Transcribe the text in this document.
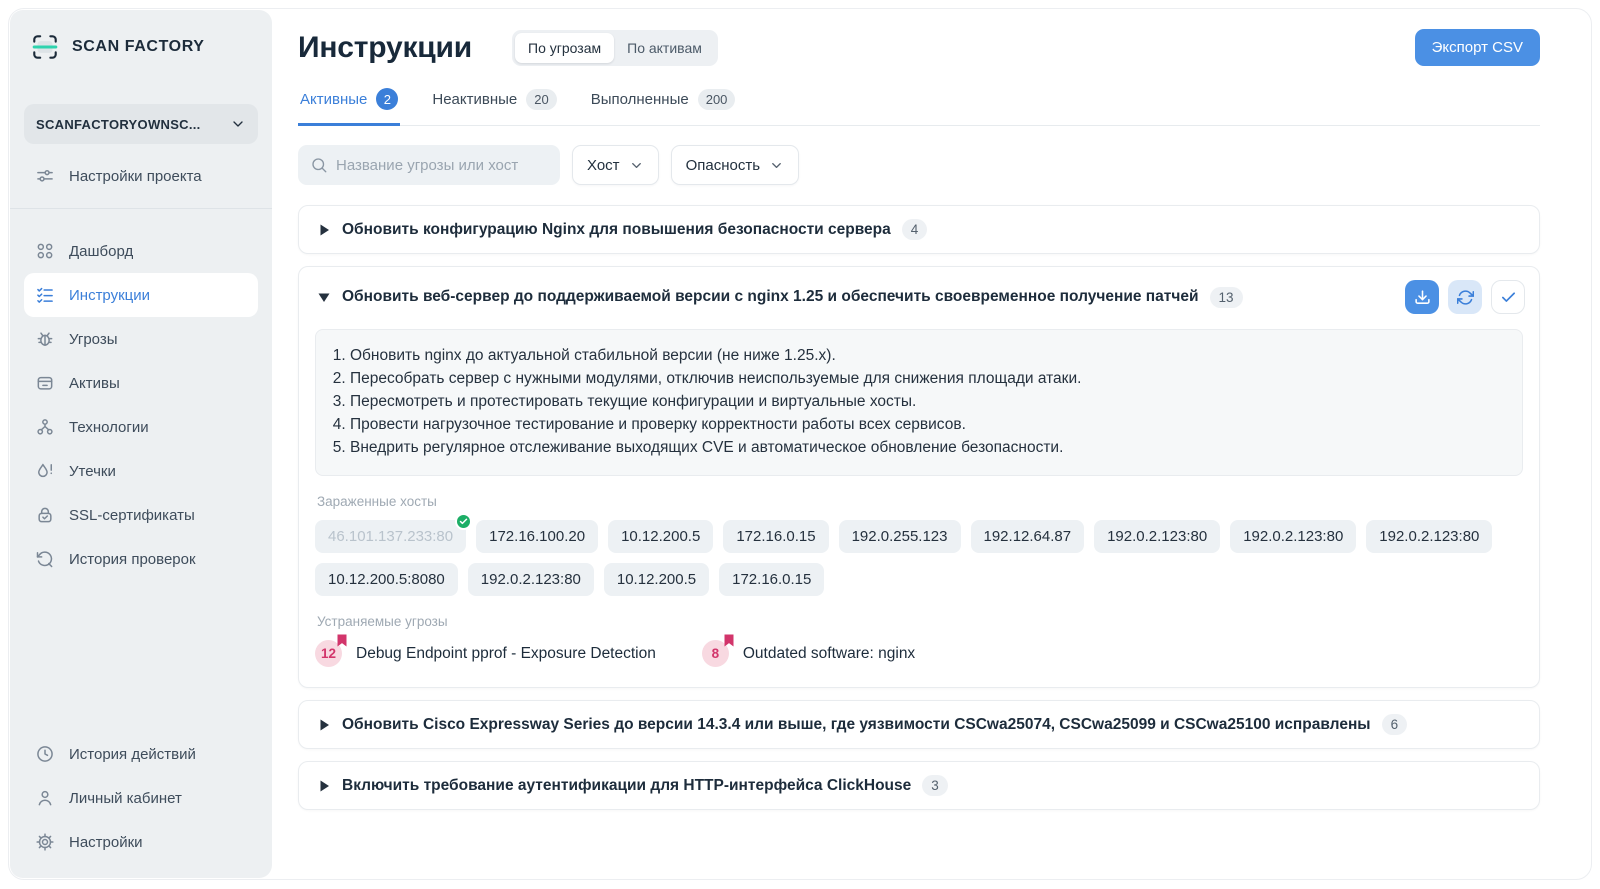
SCAN FACTORY
SCANFACTORYOWNSC...
Настройки проекта
Дашборд
Инструкции
Угрозы
Активы
Технологии
Утечки
SSL-сертификаты
История проверок
История действий
Личный кабинет
Настройки
Инструкции	По угрозам	По активам	Экспорт CSV
Активные	2	Неактивные	20	Выполненные	200
Название угрозы или хост
Хост	Опасность
Обновить конфигурацию Nginx для повышения безопасности сервера	4
Обновить веб-сервер до поддерживаемой версии с nginx 1.25 и обеспечить своевременное получение патчей	13
1. Обновить nginx до актуальной стабильной версии (не ниже 1.25.x).
2. Пересобрать сервер с нужными модулями, отключив неиспользуемые для снижения площади атаки.
3. Пересмотреть и протестировать текущие конфигурации и виртуальные хосты.
4. Провести нагрузочное тестирование и проверку корректности работы всех сервисов.
5. Внедрить регулярное отслеживание выходящих CVE и автоматическое обновление безопасности.
Зараженные хосты
46.101.137.233:80	172.16.100.20	10.12.200.5	172.16.0.15	192.0.255.123	192.12.64.87	192.0.2.123:80	192.0.2.123:80	192.0.2.123:80
10.12.200.5:8080	192.0.2.123:80	10.12.200.5	172.16.0.15
Устраняемые угрозы
12	Debug Endpoint pprof - Exposure Detection	8	Outdated software: nginx
Обновить Cisco Expressway Series до версии 14.3.4 или выше, где уязвимости CSCwa25074, CSCwa25099 и CSCwa25100 исправлены	6
Включить требование аутентификации для HTTP-интерфейса ClickHouse	3
